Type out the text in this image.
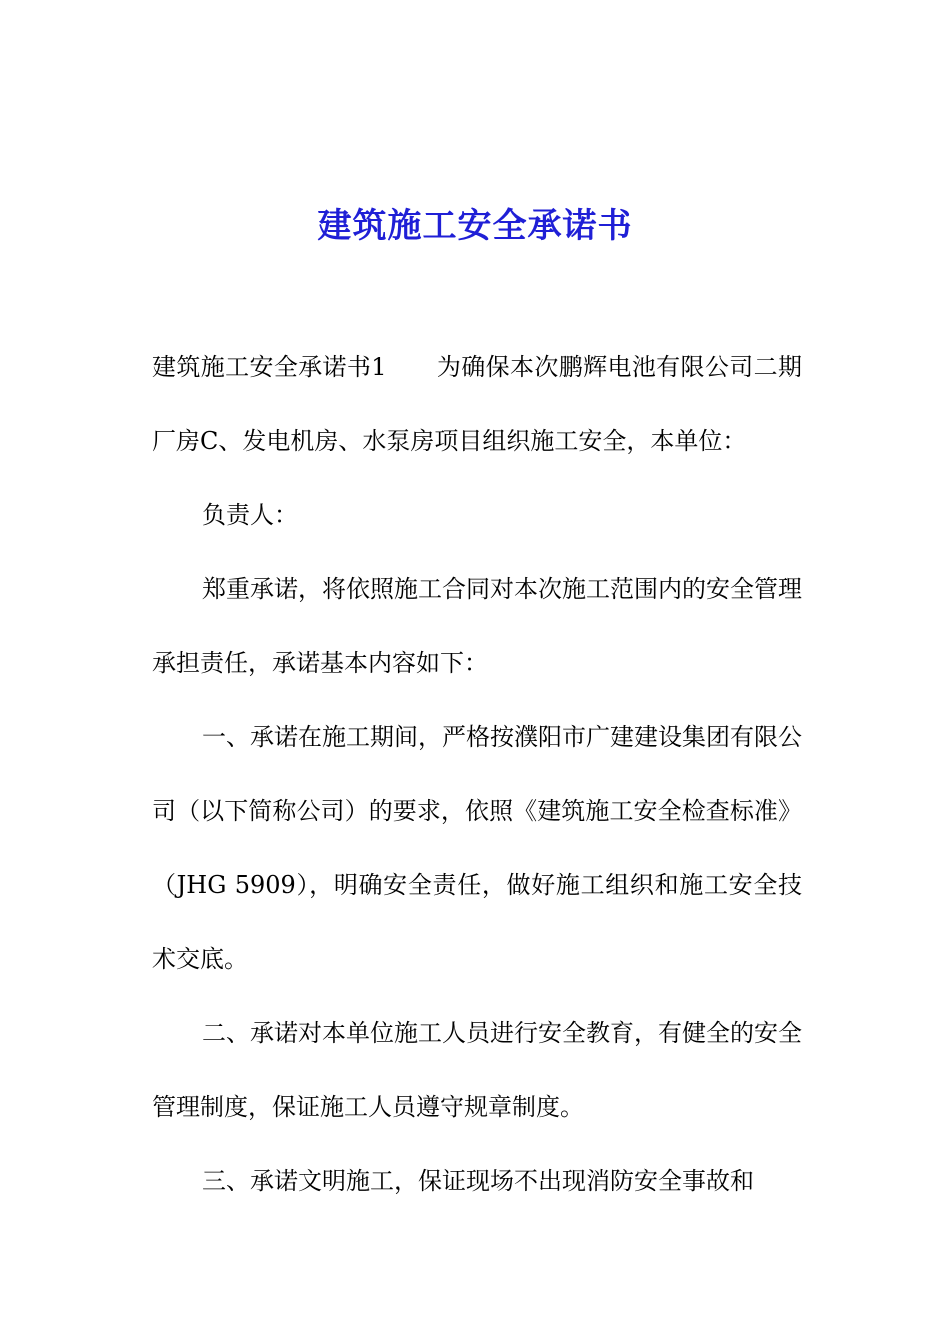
建筑施工安全承诺书

建筑施工安全承诺书1 为确保本次鹏辉电池有限公司二期厂房C、发电机房、水泵房项目组织施工安全，本单位：

负责人：

郑重承诺，将依照施工合同对本次施工范围内的安全管理承担责任，承诺基本内容如下：

一、承诺在施工期间，严格按濮阳市广建建设集团有限公司（以下简称公司）的要求，依照《建筑施工安全检查标准》（JHG 5909），明确安全责任，做好施工组织和施工安全技术交底。

二、承诺对本单位施工人员进行安全教育，有健全的安全管理制度，保证施工人员遵守规章制度。

三、承诺文明施工，保证现场不出现消防安全事故和
